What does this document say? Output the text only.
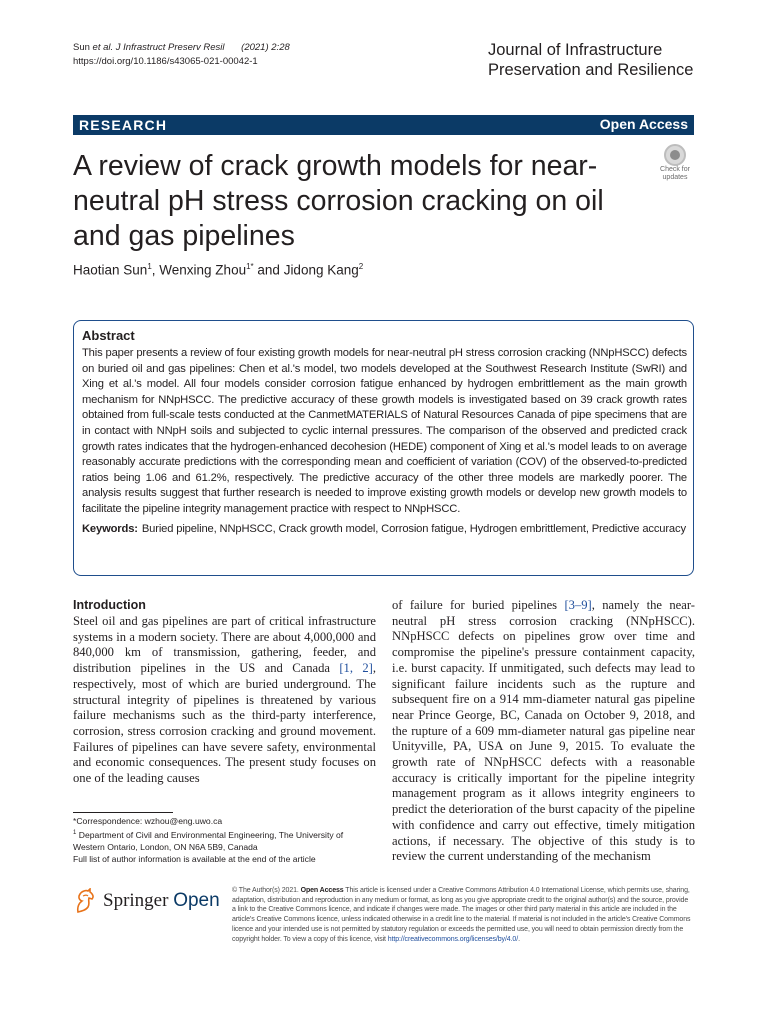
Sun et al. J Infrastruct Preserv Resil (2021) 2:28
https://doi.org/10.1186/s43065-021-00042-1
Journal of Infrastructure
Preservation and Resilience
RESEARCH	Open Access
Check for
updates
A review of crack growth models for near-neutral pH stress corrosion cracking on oil and gas pipelines
Haotian Sun$^1$, Wenxing Zhou$^{1*}$ and Jidong Kang$^2$
Abstract
This paper presents a review of four existing growth models for near-neutral pH stress corrosion cracking (NNpHSCC) defects on buried oil and gas pipelines: Chen et al.'s model, two models developed at the Southwest Research Institute (SwRI) and Xing et al.'s model. All four models consider corrosion fatigue enhanced by hydrogen embrittlement as the main growth mechanism for NNpHSCC. The predictive accuracy of these growth models is investigated based on 39 crack growth rates obtained from full-scale tests conducted at the CanmetMATERIALS of Natural Resources Canada of pipe specimens that are in contact with NNpH soils and subjected to cyclic internal pressures. The comparison of the observed and predicted crack growth rates indicates that the hydrogen-enhanced decohesion (HEDE) component of Xing et al.'s model leads to on average reasonably accurate predictions with the corresponding mean and coefficient of variation (COV) of the observed-to-predicted ratios being 1.06 and 61.2%, respectively. The predictive accuracy of the other three models are markedly poorer. The analysis results suggest that further research is needed to improve existing growth models or develop new growth models to facilitate the pipeline integrity management practice with respect to NNpHSCC.
Keywords: Buried pipeline, NNpHSCC, Crack growth model, Corrosion fatigue, Hydrogen embrittlement, Predictive accuracy
Introduction
Steel oil and gas pipelines are part of critical infrastructure systems in a modern society. There are about 4,000,000 and 840,000 km of transmission, gathering, feeder, and distribution pipelines in the US and Canada [1, 2], respectively, most of which are buried underground. The structural integrity of pipelines is threatened by various failure mechanisms such as the third-party interference, corrosion, stress corrosion cracking and ground movement. Failures of pipelines can have severe safety, environmental and economic consequences. The present study focuses on one of the leading causes
of failure for buried pipelines [3–9], namely the near-neutral pH stress corrosion cracking (NNpHSCC). NNpHSCC defects on pipelines grow over time and compromise the pipeline's pressure containment capacity, i.e. burst capacity. If unmitigated, such defects may lead to significant failure incidents such as the rupture and subsequent fire on a 914 mm-diameter natural gas pipeline near Prince George, BC, Canada on October 9, 2018, and the rupture of a 609 mm-diameter natural gas pipeline near Unityville, PA, USA on June 9, 2015. To evaluate the growth rate of NNpHSCC defects with a reasonable accuracy is critically important for the pipeline integrity management program as it allows integrity engineers to predict the deterioration of the burst capacity of the pipeline with confidence and carry out effective, timely mitigation actions, if necessary. The objective of this study is to review the current understanding of the mechanism
*Correspondence: wzhou@eng.uwo.ca
$^1$ Department of Civil and Environmental Engineering, The University of Western Ontario, London, ON N6A 5B9, Canada
Full list of author information is available at the end of the article
Springer Open © The Author(s) 2021. Open Access This article is licensed under a Creative Commons Attribution 4.0 International License, which permits use, sharing, adaptation, distribution and reproduction in any medium or format, as long as you give appropriate credit to the original author(s) and the source, provide a link to the Creative Commons licence, and indicate if changes were made. The images or other third party material in this article are included in the article's Creative Commons licence, unless indicated otherwise in a credit line to the material. If material is not included in the article's Creative Commons licence and your intended use is not permitted by statutory regulation or exceeds the permitted use, you will need to obtain permission directly from the copyright holder. To view a copy of this licence, visit http://creativecommons.org/licenses/by/4.0/.
